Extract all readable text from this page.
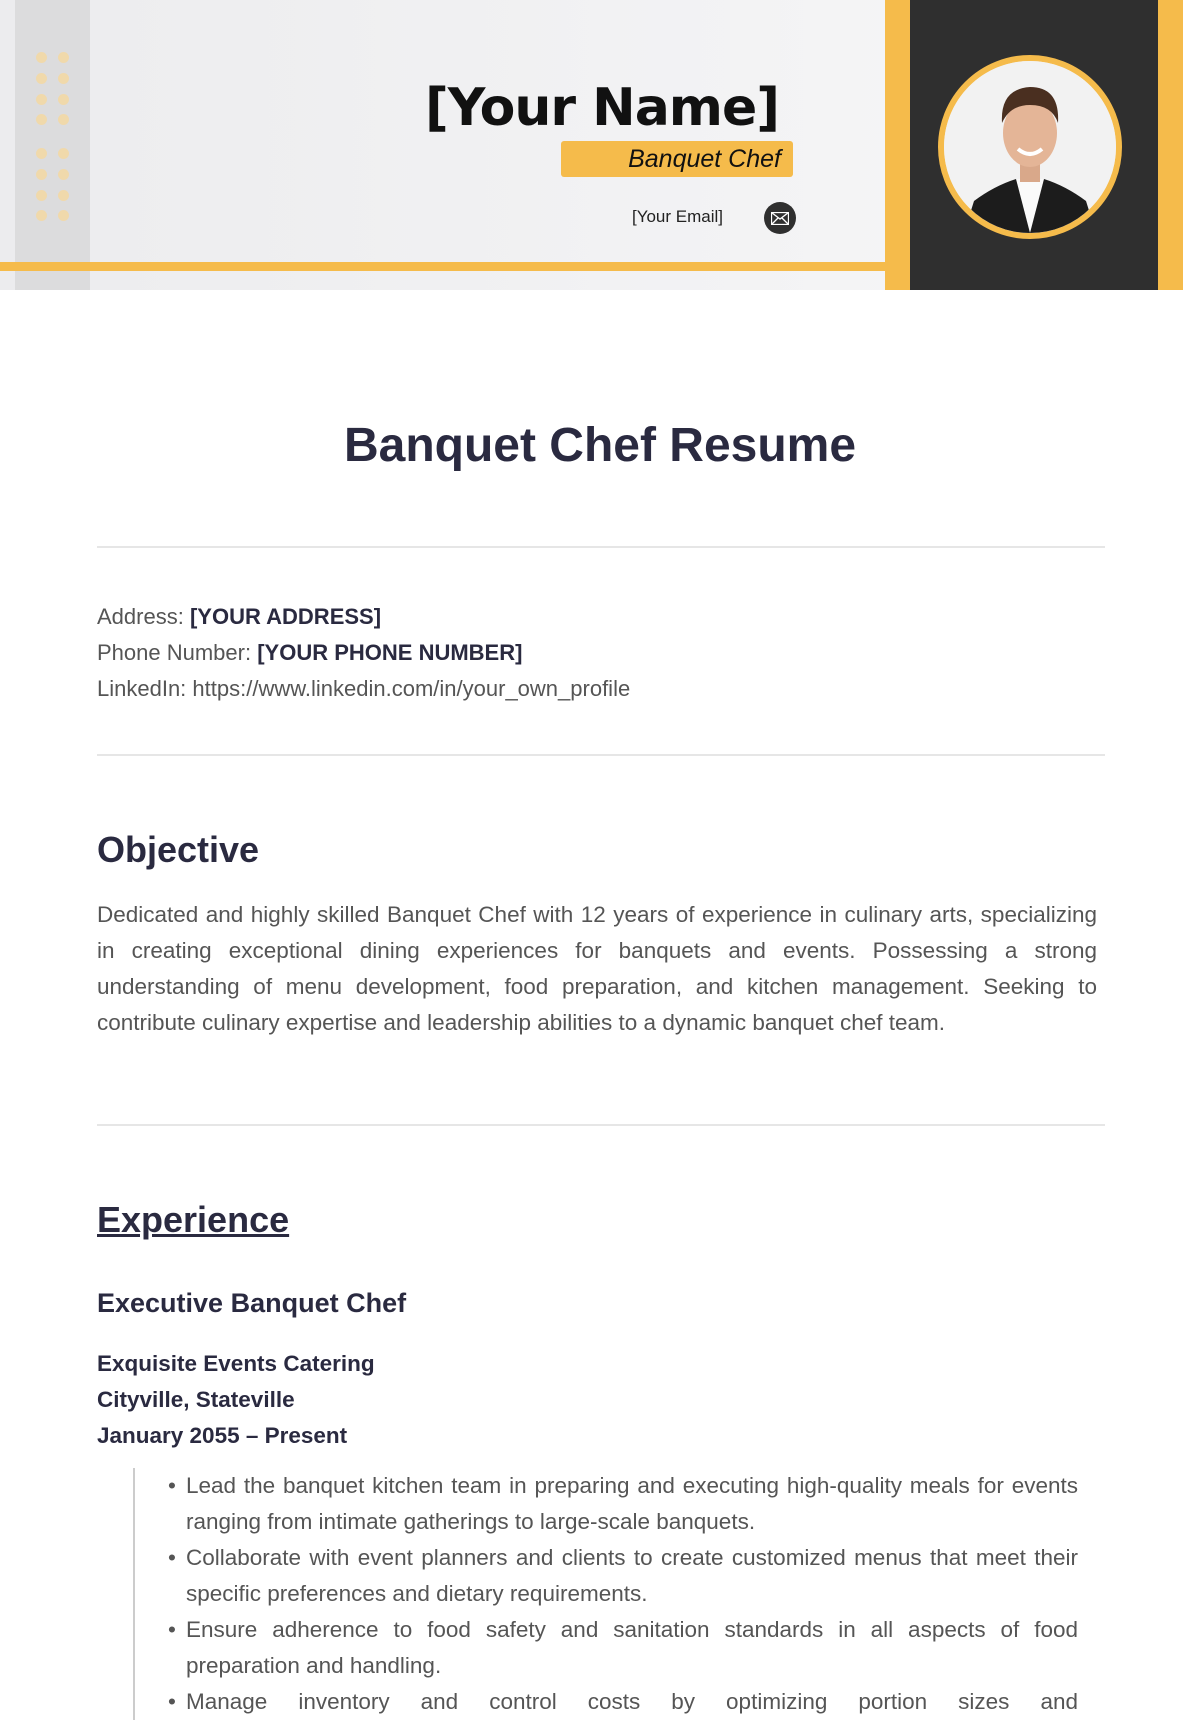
[Your Name]
Banquet Chef
[Your Email]
Banquet Chef Resume
Address: [YOUR ADDRESS]
Phone Number: [YOUR PHONE NUMBER]
LinkedIn: https://www.linkedin.com/in/your_own_profile
Objective
Dedicated and highly skilled Banquet Chef with 12 years of experience in culinary arts, specializing in creating exceptional dining experiences for banquets and events. Possessing a strong understanding of menu development, food preparation, and kitchen management. Seeking to contribute culinary expertise and leadership abilities to a dynamic banquet chef team.
Experience
Executive Banquet Chef
Exquisite Events Catering
Cityville, Stateville
January 2055 – Present
• Lead the banquet kitchen team in preparing and executing high-quality meals for events ranging from intimate gatherings to large-scale banquets.
• Collaborate with event planners and clients to create customized menus that meet their specific preferences and dietary requirements.
• Ensure adherence to food safety and sanitation standards in all aspects of food preparation and handling.
• Manage inventory and control costs by optimizing portion sizes and
